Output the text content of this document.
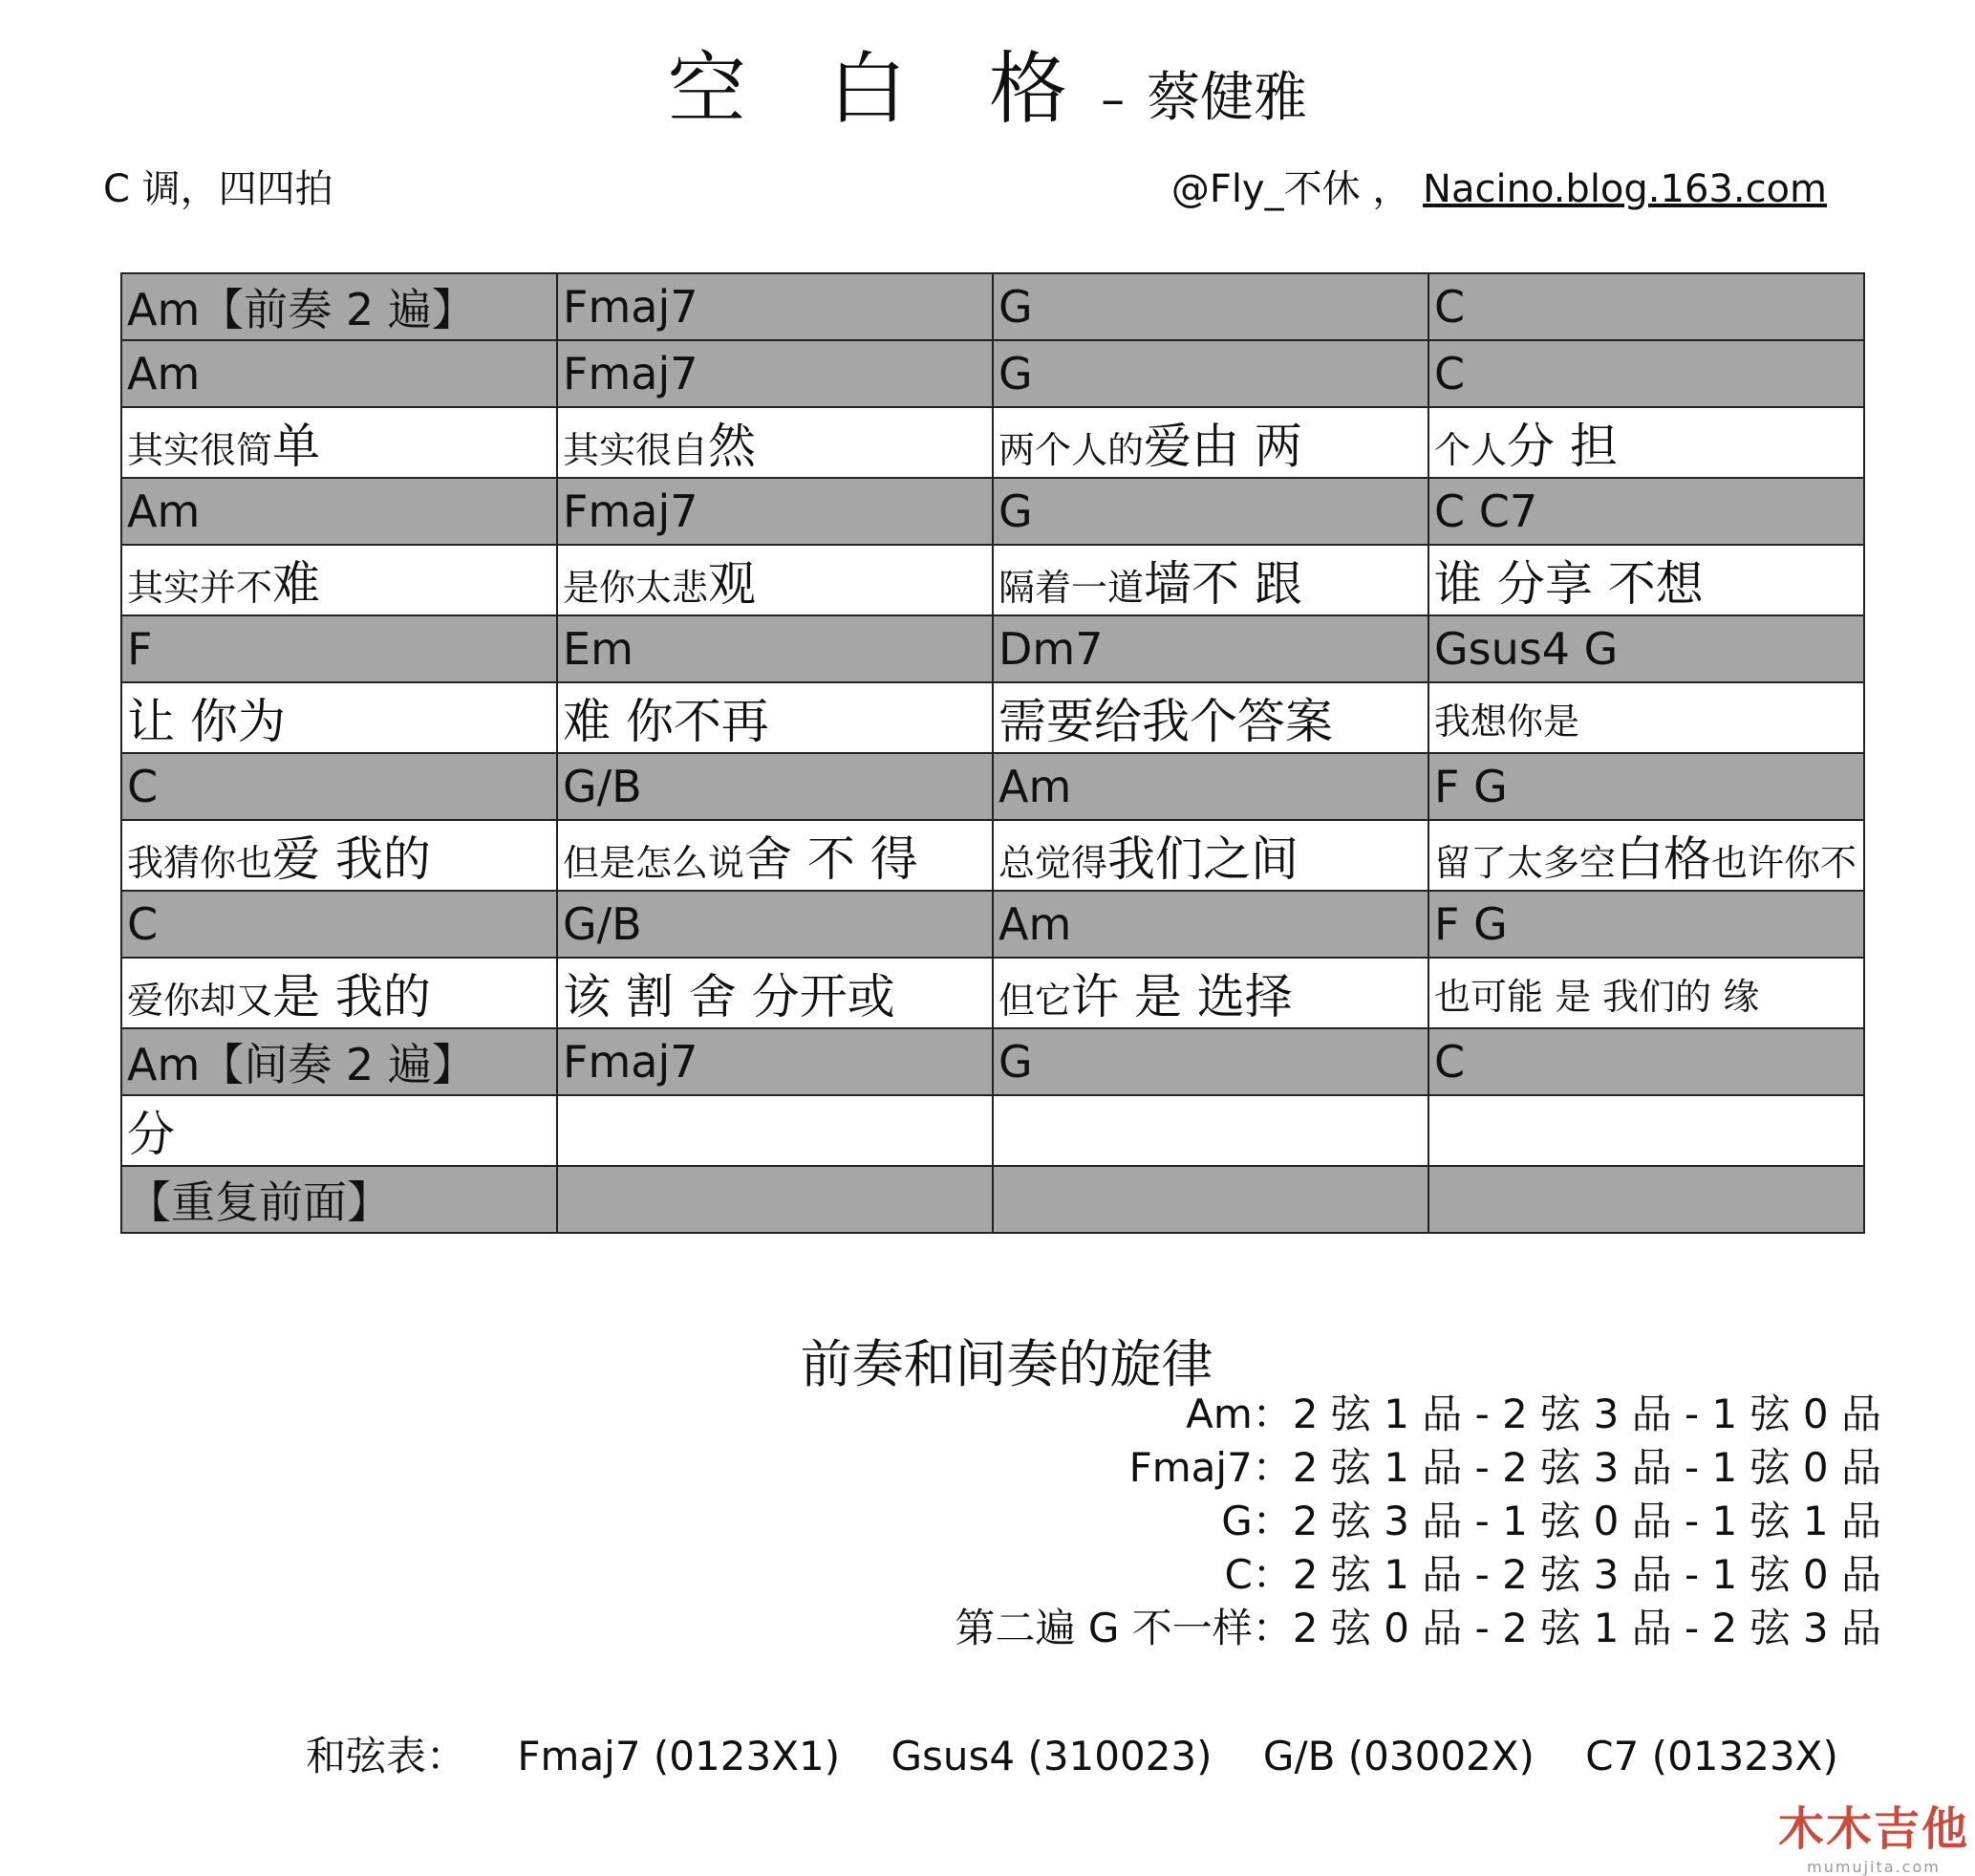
空 白 格 – 蔡健雅
C 调，四四拍	@Fly_不休 ， Nacino.blog.163.com
Am【前奏 2 遍】	Fmaj7	G	C
Am	Fmaj7	G	C
其实很简单	其实很自然	两个人的爱由 两	个人分 担
Am	Fmaj7	G	C C7
其实并不难	是你太悲观	隔着一道墙不 跟	谁 分享 不想
F	Em	Dm7	Gsus4 G
让 你为	难 你不再	需要给我个答案	我想你是
C	G/B	Am	F G
我猜你也爱 我的	但是怎么说舍 不 得	总觉得我们之间	留了太多空白格也许你不
C	G/B	Am	F G
爱你却又是 我的	该 割 舍 分开或	但它许 是 选择	也可能 是 我们的 缘
Am【间奏 2 遍】	Fmaj7	G	C
分			
【重复前面】			
前奏和间奏的旋律
Am：2 弦 1 品 - 2 弦 3 品 - 1 弦 0 品
Fmaj7：2 弦 1 品 - 2 弦 3 品 - 1 弦 0 品
G：2 弦 3 品 - 1 弦 0 品 - 1 弦 1 品
C：2 弦 1 品 - 2 弦 3 品 - 1 弦 0 品
第二遍 G 不一样：2 弦 0 品 - 2 弦 1 品 - 2 弦 3 品
和弦表： Fmaj7 (0123X1) Gsus4 (310023) G/B (03002X) C7 (01323X)
木木吉他
mumujita.com
